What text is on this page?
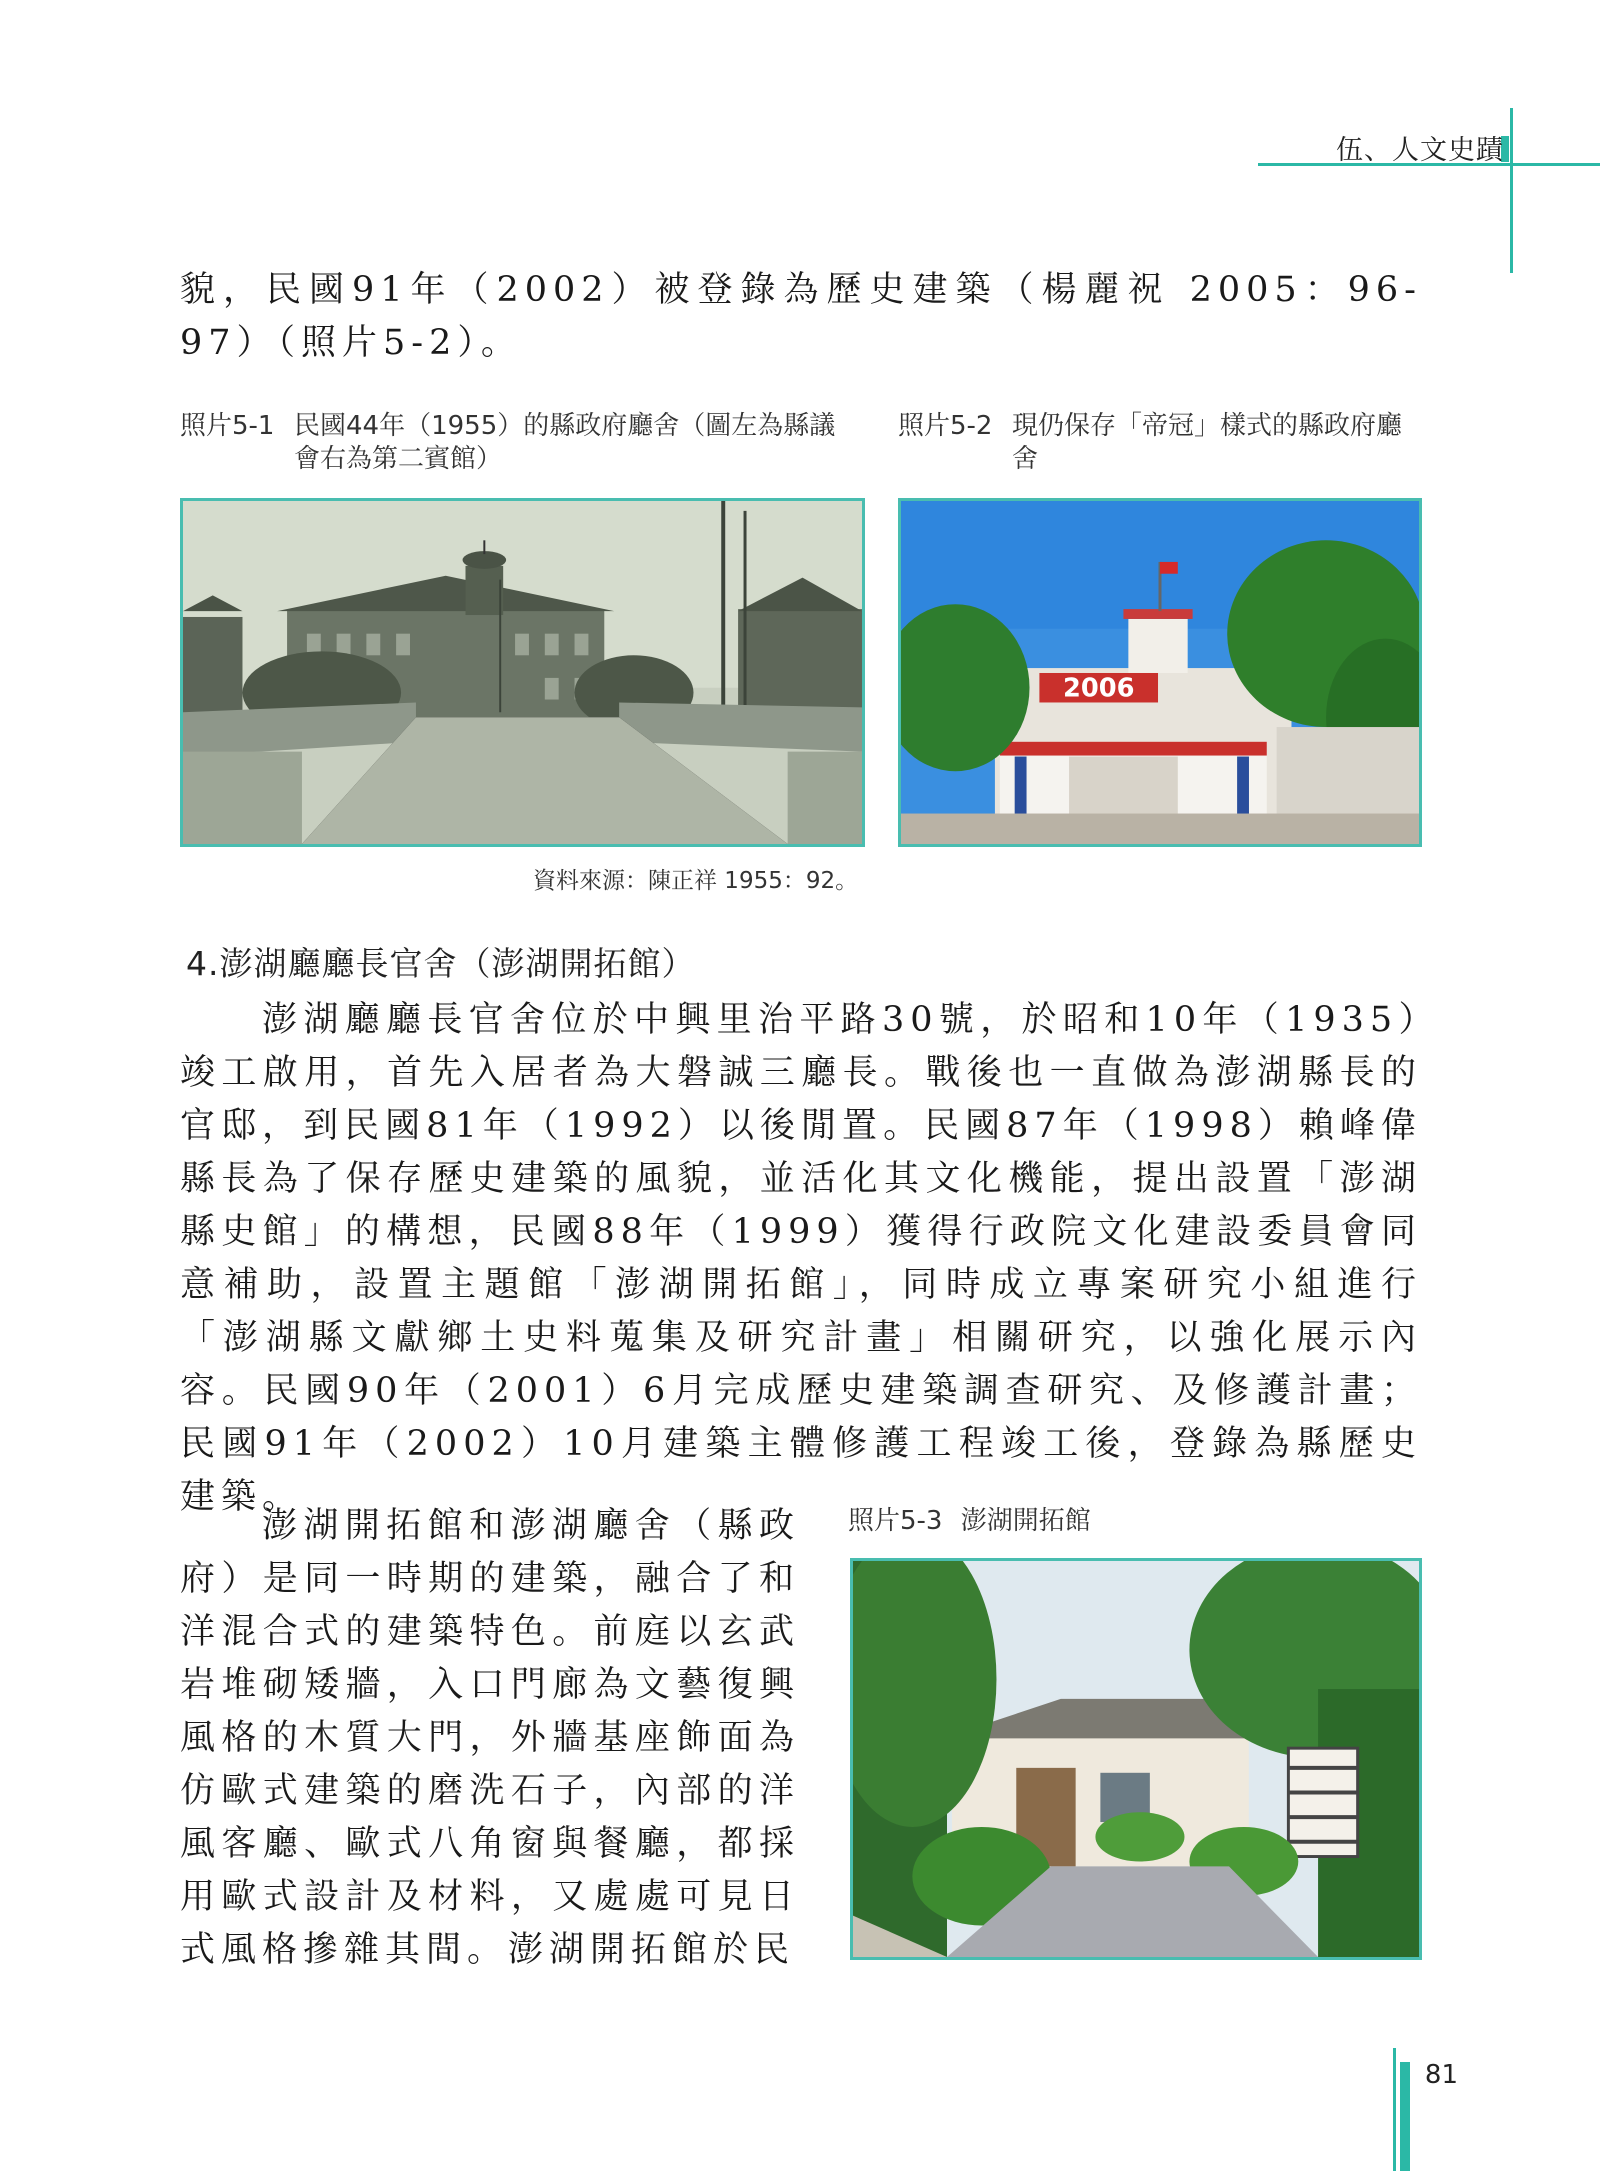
伍、人文史蹟

貌，民國91年（2002）被登錄為歷史建築（楊麗祝 2005：96-97）（照片5-2）。

照片5-1 民國44年（1955）的縣政府廳舍（圖左為縣議會右為第二賓館）
照片5-2 現仍保存「帝冠」樣式的縣政府廳舍
2006
資料來源：陳正祥 1955：92。
4.澎湖廳廳長官舍（澎湖開拓館）

澎湖廳廳長官舍位於中興里治平路30號，於昭和10年（1935）竣工啟用，首先入居者為大磐誠三廳長。戰後也一直做為澎湖縣長的官邸，到民國81年（1992）以後閒置。民國87年（1998）賴峰偉縣長為了保存歷史建築的風貌，並活化其文化機能，提出設置「澎湖縣史館」的構想，民國88年（1999）獲得行政院文化建設委員會同意補助，設置主題館「澎湖開拓館」，同時成立專案研究小組進行「澎湖縣文獻鄉土史料蒐集及研究計畫」相關研究，以強化展示內容。民國90年（2001）6月完成歷史建築調查研究、及修護計畫；民國91年（2002）10月建築主體修護工程竣工後，登錄為縣歷史建築。

澎湖開拓館和澎湖廳舍（縣政府）是同一時期的建築，融合了和洋混合式的建築特色。前庭以玄武岩堆砌矮牆，入口門廊為文藝復興風格的木質大門，外牆基座飾面為仿歐式建築的磨洗石子，內部的洋風客廳、歐式八角窗與餐廳，都採用歐式設計及材料，又處處可見日式風格摻雜其間。澎湖開拓館於民

照片5-3 澎湖開拓館
81
